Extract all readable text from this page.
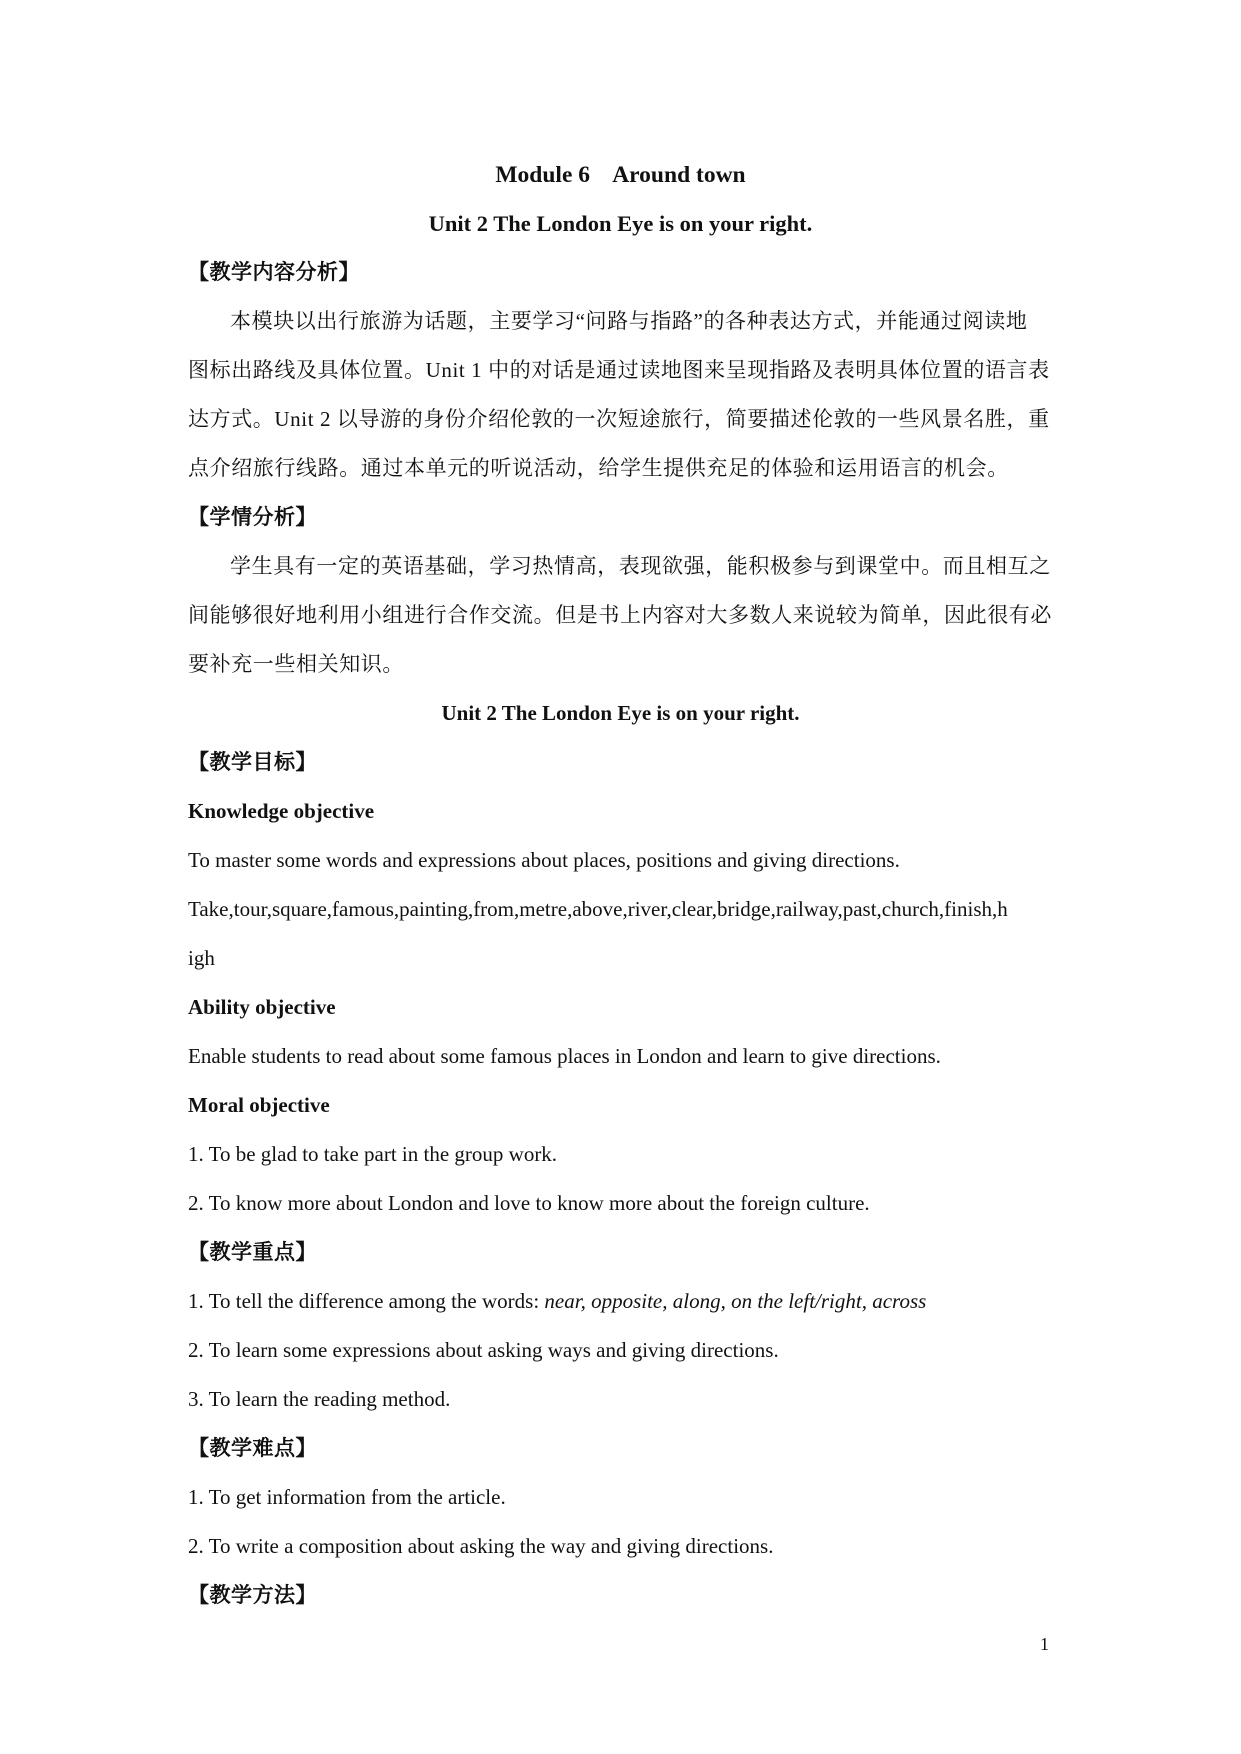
Module 6    Around town
Unit 2 The London Eye is on your right.
【教学内容分析】
本模块以出行旅游为话题，主要学习“问路与指路”的各种表达方式，并能通过阅读地
图标出路线及具体位置。Unit 1 中的对话是通过读地图来呈现指路及表明具体位置的语言表
达方式。Unit 2 以导游的身份介绍伦敦的一次短途旅行，简要描述伦敦的一些风景名胜，重
点介绍旅行线路。通过本单元的听说活动，给学生提供充足的体验和运用语言的机会。
【学情分析】
学生具有一定的英语基础，学习热情高，表现欲强，能积极参与到课堂中。而且相互之
间能够很好地利用小组进行合作交流。但是书上内容对大多数人来说较为简单，因此很有必
要补充一些相关知识。
Unit 2 The London Eye is on your right.
【教学目标】
Knowledge objective
To master some words and expressions about places, positions and giving directions.
Take,tour,square,famous,painting,from,metre,above,river,clear,bridge,railway,past,church,finish,h
igh
Ability objective
Enable students to read about some famous places in London and learn to give directions.
Moral objective
1. To be glad to take part in the group work.
2. To know more about London and love to know more about the foreign culture.
【教学重点】
1. To tell the difference among the words: near, opposite, along, on the left/right, across
2. To learn some expressions about asking ways and giving directions.
3. To learn the reading method.
【教学难点】
1. To get information from the article.
2. To write a composition about asking the way and giving directions.
【教学方法】
1
